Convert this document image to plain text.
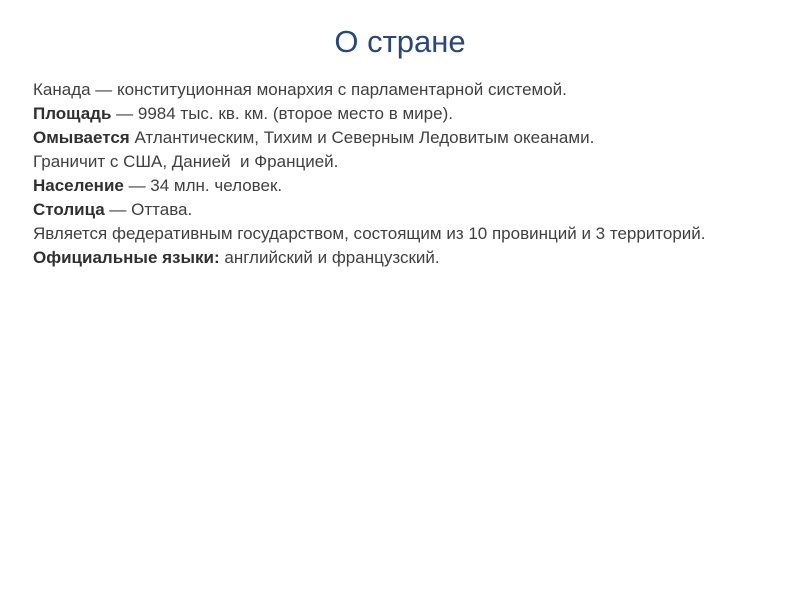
О стране

Канада — конституционная монархия с парламентарной системой.

Площадь — 9984 тыс. кв. км. (второе место в мире).

Омывается Атлантическим, Тихим и Северным Ледовитым океанами.

Граничит с США, Данией  и Францией.

Население — 34 млн. человек.

Столица — Оттава.

Является федеративным государством, состоящим из 10 провинций и 3 территорий.

Официальные языки: английский и французский.
